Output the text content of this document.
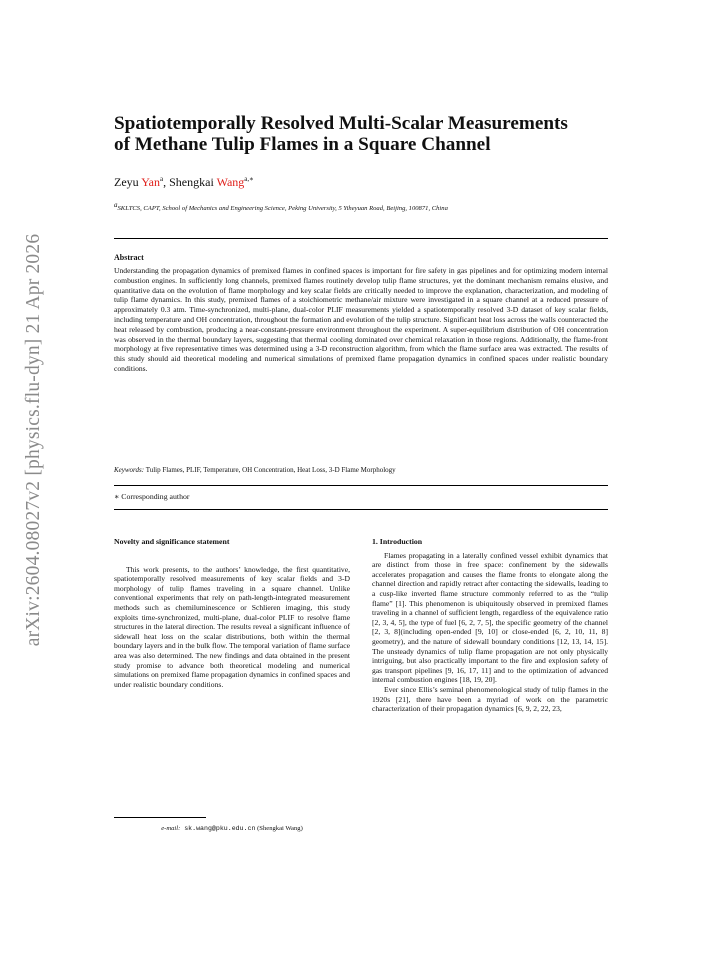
arXiv:2604.08027v2 [physics.flu-dyn] 21 Apr 2026
Spatiotemporally Resolved Multi-Scalar Measurements
of Methane Tulip Flames in a Square Channel
Zeyu Yan$^a$, Shengkai Wang$^{a,∗}$
aSKLTCS, CAPT, School of Mechanics and Engineering Science, Peking University, 5 Yiheyuan Road, Beijing, 100871, China
Abstract
Understanding the propagation dynamics of premixed flames in confined spaces is important for fire safety in gas pipelines and for optimizing modern internal combustion engines. In sufficiently long channels, premixed flames routinely develop tulip flame structures, yet the dominant mechanism remains elusive, and quantitative data on the evolution of flame morphology and key scalar fields are critically needed to improve the explanation, characterization, and modeling of tulip flame dynamics. In this study, premixed flames of a stoichiometric methane/air mixture were investigated in a square channel at a reduced pressure of approximately 0.3 atm. Time-synchronized, multi-plane, dual-color PLIF measurements yielded a spatiotemporally resolved 3-D dataset of key scalar fields, including temperature and OH concentration, throughout the formation and evolution of the tulip structure. Significant heat loss across the walls counteracted the heat released by combustion, producing a near-constant-pressure environment throughout the experiment. A super-equilibrium distribution of OH concentration was observed in the thermal boundary layers, suggesting that thermal cooling dominated over chemical relaxation in those regions. Additionally, the flame-front morphology at five representative times was determined using a 3-D reconstruction algorithm, from which the flame surface area was extracted. The results of this study should aid theoretical modeling and numerical simulations of premixed flame propagation dynamics in confined spaces under realistic boundary conditions.
Keywords: Tulip Flames, PLIF, Temperature, OH Concentration, Heat Loss, 3-D Flame Morphology
∗ Corresponding author
Novelty and significance statement

This work presents, to the authors’ knowledge, the first quantitative, spatiotemporally resolved measurements of key scalar fields and 3-D morphology of tulip flames traveling in a square channel. Unlike conventional experiments that rely on path-length-integrated measurement methods such as chemiluminescence or Schlieren imaging, this study exploits time-synchronized, multi-plane, dual-color PLIF to resolve flame structures in the lateral direction. The results reveal a significant influence of sidewall heat loss on the scalar distributions, both within the thermal boundary layers and in the bulk flow. The temporal variation of flame surface area was also determined. The new findings and data obtained in the present study promise to advance both theoretical modeling and numerical simulations on premixed flame propagation dynamics in confined spaces and under realistic boundary conditions.

1. Introduction

Flames propagating in a laterally confined vessel exhibit dynamics that are distinct from those in free space: confinement by the sidewalls accelerates propagation and causes the flame fronts to elongate along the channel direction and rapidly retract after contacting the sidewalls, leading to a cusp-like inverted flame structure commonly referred to as the “tulip flame” [1]. This phenomenon is ubiquitously observed in premixed flames traveling in a channel of sufficient length, regardless of the equivalence ratio [2, 3, 4, 5], the type of fuel [6, 2, 7, 5], the specific geometry of the channel [2, 3, 8](including open-ended [9, 10] or close-ended [6, 2, 10, 11, 8] geometry), and the nature of sidewall boundary conditions [12, 13, 14, 15]. The unsteady dynamics of tulip flame propagation are not only physically intriguing, but also practically important to the fire and explosion safety of gas transport pipelines [9, 16, 17, 11] and to the optimization of advanced internal combustion engines [18, 19, 20].

Ever since Ellis’s seminal phenomenological study of tulip flames in the 1920s [21], there have been a myriad of work on the parametric characterization of their propagation dynamics [6, 9, 2, 22, 23,

e-mail: sk.wang@pku.edu.cn (Shengkai Wang)
